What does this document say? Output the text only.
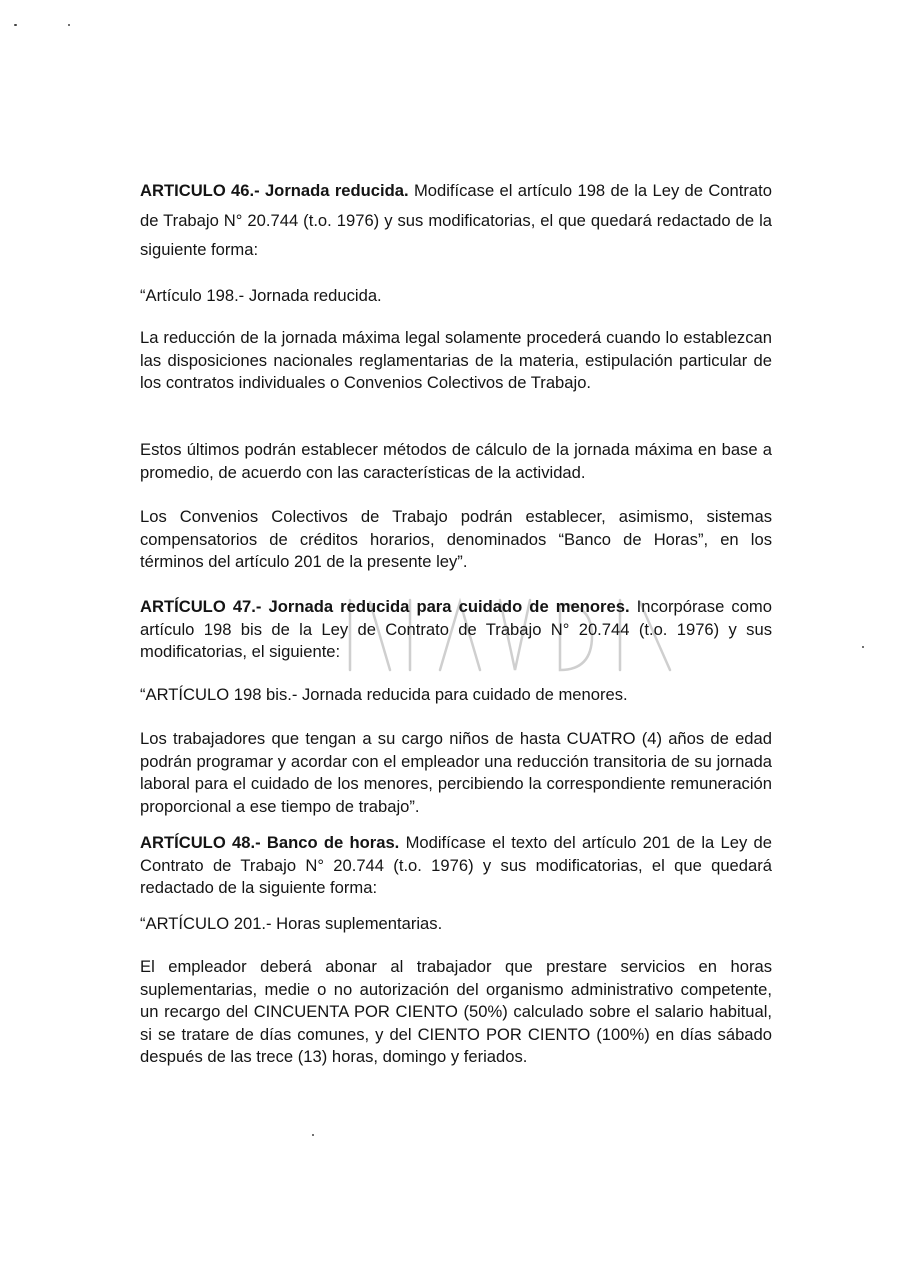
ARTICULO 46.- Jornada reducida. Modifícase el artículo 198 de la Ley de Contrato de Trabajo N° 20.744 (t.o. 1976) y sus modificatorias, el que quedará redactado de la siguiente forma:

“Artículo 198.- Jornada reducida.

La reducción de la jornada máxima legal solamente procederá cuando lo establezcan las disposiciones nacionales reglamentarias de la materia, estipulación particular de los contratos individuales o Convenios Colectivos de Trabajo.

Estos últimos podrán establecer métodos de cálculo de la jornada máxima en base a promedio, de acuerdo con las características de la actividad.

Los Convenios Colectivos de Trabajo podrán establecer, asimismo, sistemas compensatorios de créditos horarios, denominados “Banco de Horas”, en los términos del artículo 201 de la presente ley”.

ARTÍCULO 47.- Jornada reducida para cuidado de menores. Incorpórase como artículo 198 bis de la Ley de Contrato de Trabajo N° 20.744 (t.o. 1976) y sus modificatorias, el siguiente:

“ARTÍCULO 198 bis.- Jornada reducida para cuidado de menores.

Los trabajadores que tengan a su cargo niños de hasta CUATRO (4) años de edad podrán programar y acordar con el empleador una reducción transitoria de su jornada laboral para el cuidado de los menores, percibiendo la correspondiente remuneración proporcional a ese tiempo de trabajo”.

ARTÍCULO 48.- Banco de horas. Modifícase el texto del artículo 201 de la Ley de Contrato de Trabajo N° 20.744 (t.o. 1976) y sus modificatorias, el que quedará redactado de la siguiente forma:

“ARTÍCULO 201.- Horas suplementarias.

El empleador deberá abonar al trabajador que prestare servicios en horas suplementarias, medie o no autorización del organismo administrativo competente, un recargo del CINCUENTA POR CIENTO (50%) calculado sobre el salario habitual, si se tratare de días comunes, y del CIENTO POR CIENTO (100%) en días sábado después de las trece (13) horas, domingo y feriados.
